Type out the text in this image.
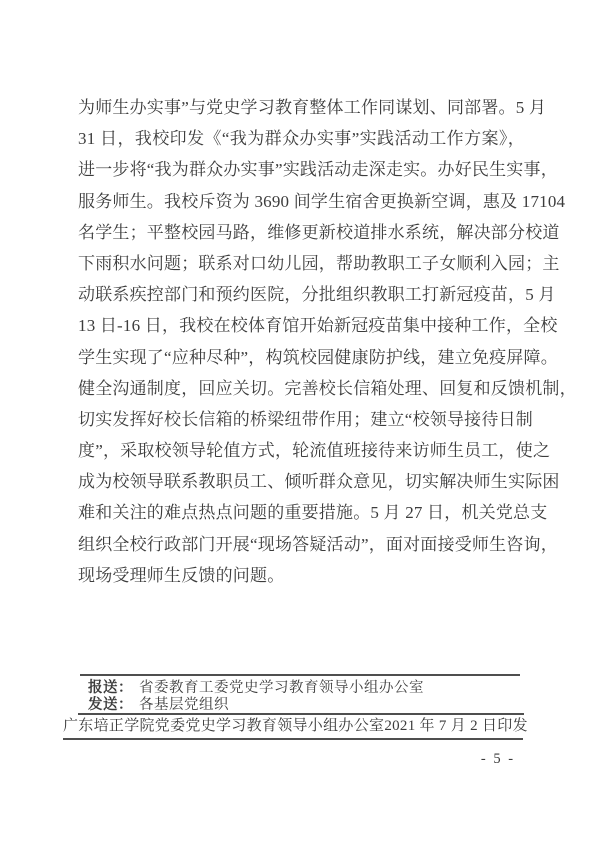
为师生办实事”与党史学习教育整体工作同谋划、同部署。5 月

31 日，我校印发《“我为群众办实事”实践活动工作方案》，

进一步将“我为群众办实事”实践活动走深走实。办好民生实事，

服务师生。我校斥资为 3690 间学生宿舍更换新空调，惠及 17104

名学生；平整校园马路，维修更新校道排水系统，解决部分校道

下雨积水问题；联系对口幼儿园，帮助教职工子女顺利入园；主

动联系疾控部门和预约医院，分批组织教职工打新冠疫苗，5 月

13 日-16 日，我校在校体育馆开始新冠疫苗集中接种工作，全校

学生实现了“应种尽种”，构筑校园健康防护线，建立免疫屏障。

健全沟通制度，回应关切。完善校长信箱处理、回复和反馈机制，

切实发挥好校长信箱的桥梁纽带作用；建立“校领导接待日制

度”，采取校领导轮值方式，轮流值班接待来访师生员工，使之

成为校领导联系教职员工、倾听群众意见，切实解决师生实际困

难和关注的难点热点问题的重要措施。5 月 27 日，机关党总支

组织全校行政部门开展“现场答疑活动”，面对面接受师生咨询，

现场受理师生反馈的问题。

报送： 省委教育工委党史学习教育领导小组办公室
发送： 各基层党组织
广东培正学院党委党史学习教育领导小组办公室 2021 年 7 月 2 日印发
- 5 -
